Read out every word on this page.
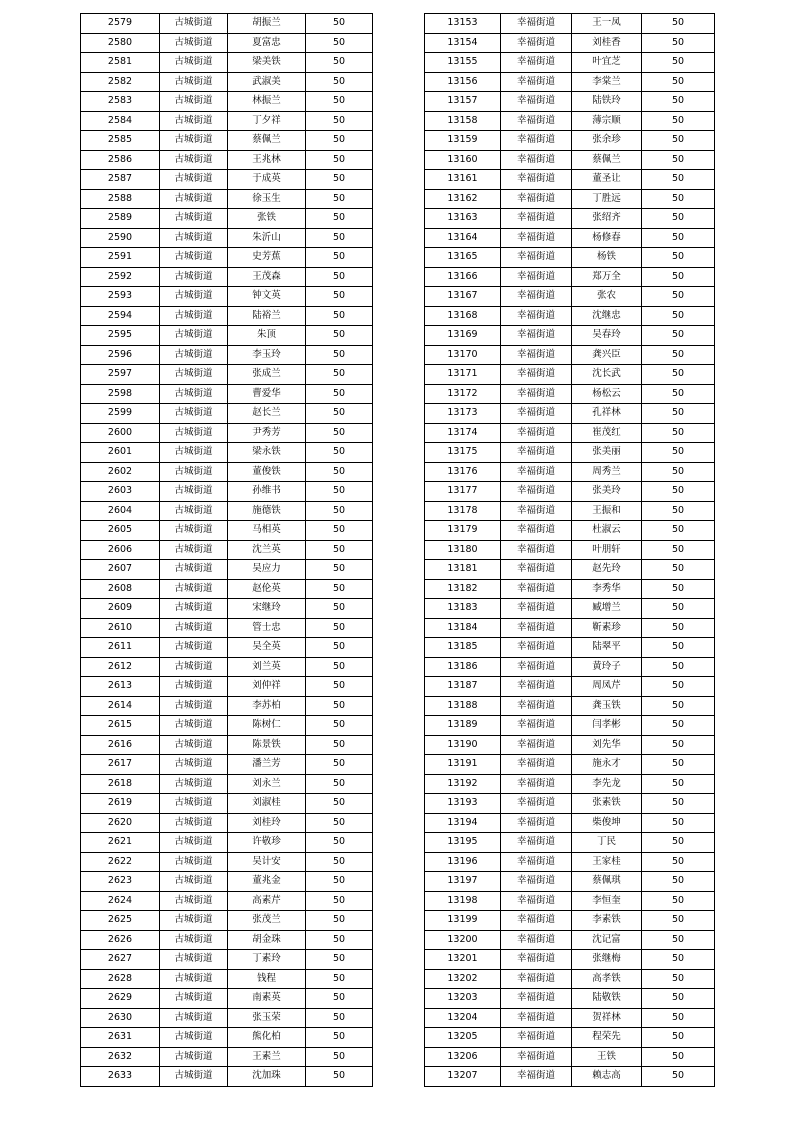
2579	古城街道	胡振兰	50
2580	古城街道	夏富忠	50
2581	古城街道	梁美铁	50
2582	古城街道	武淑美	50
2583	古城街道	林振兰	50
2584	古城街道	丁夕祥	50
2585	古城街道	蔡佩兰	50
2586	古城街道	王兆林	50
2587	古城街道	于成英	50
2588	古城街道	徐玉生	50
2589	古城街道	张铁	50
2590	古城街道	朱沂山	50
2591	古城街道	史芳蕉	50
2592	古城街道	王茂森	50
2593	古城街道	钟文英	50
2594	古城街道	陆裕兰	50
2595	古城街道	朱顶	50
2596	古城街道	李玉玲	50
2597	古城街道	张成兰	50
2598	古城街道	曹爱华	50
2599	古城街道	赵长兰	50
2600	古城街道	尹秀芳	50
2601	古城街道	梁永铁	50
2602	古城街道	董俊铁	50
2603	古城街道	孙维书	50
2604	古城街道	施德铁	50
2605	古城街道	马相英	50
2606	古城街道	沈兰英	50
2607	古城街道	吴应力	50
2608	古城街道	赵伦英	50
2609	古城街道	宋继玲	50
2610	古城街道	管士忠	50
2611	古城街道	吴全英	50
2612	古城街道	刘兰英	50
2613	古城街道	刘仲祥	50
2614	古城街道	李苏柏	50
2615	古城街道	陈树仁	50
2616	古城街道	陈景铁	50
2617	古城街道	潘兰芳	50
2618	古城街道	刘永兰	50
2619	古城街道	刘淑桂	50
2620	古城街道	刘桂玲	50
2621	古城街道	许敬珍	50
2622	古城街道	吴计安	50
2623	古城街道	董兆金	50
2624	古城街道	高素芹	50
2625	古城街道	张茂兰	50
2626	古城街道	胡金珠	50
2627	古城街道	丁素玲	50
2628	古城街道	钱程	50
2629	古城街道	南素英	50
2630	古城街道	张玉荣	50
2631	古城街道	熊化柏	50
2632	古城街道	王素兰	50
2633	古城街道	沈加珠	50
13153	幸福街道	王一凤	50
13154	幸福街道	刘桂香	50
13155	幸福街道	叶宜芝	50
13156	幸福街道	李棠兰	50
13157	幸福街道	陆铁玲	50
13158	幸福街道	薄宗顺	50
13159	幸福街道	张余珍	50
13160	幸福街道	蔡佩兰	50
13161	幸福街道	董圣让	50
13162	幸福街道	丁胜远	50
13163	幸福街道	张绍齐	50
13164	幸福街道	杨修春	50
13165	幸福街道	杨铁	50
13166	幸福街道	郑万全	50
13167	幸福街道	张农	50
13168	幸福街道	沈继忠	50
13169	幸福街道	吴春玲	50
13170	幸福街道	龚兴臣	50
13171	幸福街道	沈长武	50
13172	幸福街道	杨松云	50
13173	幸福街道	孔祥林	50
13174	幸福街道	崔茂红	50
13175	幸福街道	张美丽	50
13176	幸福街道	周秀兰	50
13177	幸福街道	张美玲	50
13178	幸福街道	王振和	50
13179	幸福街道	杜淑云	50
13180	幸福街道	叶朋轩	50
13181	幸福街道	赵先玲	50
13182	幸福街道	李秀华	50
13183	幸福街道	臧增兰	50
13184	幸福街道	靳素珍	50
13185	幸福街道	陆翠平	50
13186	幸福街道	黄玲子	50
13187	幸福街道	周凤芹	50
13188	幸福街道	龚玉铁	50
13189	幸福街道	闫孝彬	50
13190	幸福街道	刘先华	50
13191	幸福街道	施永才	50
13192	幸福街道	李先龙	50
13193	幸福街道	张素铁	50
13194	幸福街道	柴俊坤	50
13195	幸福街道	丁民	50
13196	幸福街道	王家桂	50
13197	幸福街道	蔡佩琪	50
13198	幸福街道	李恒奎	50
13199	幸福街道	李素铁	50
13200	幸福街道	沈记富	50
13201	幸福街道	张继梅	50
13202	幸福街道	高孝铁	50
13203	幸福街道	陆敬铁	50
13204	幸福街道	贺祥林	50
13205	幸福街道	程荣先	50
13206	幸福街道	王铁	50
13207	幸福街道	赖志高	50
